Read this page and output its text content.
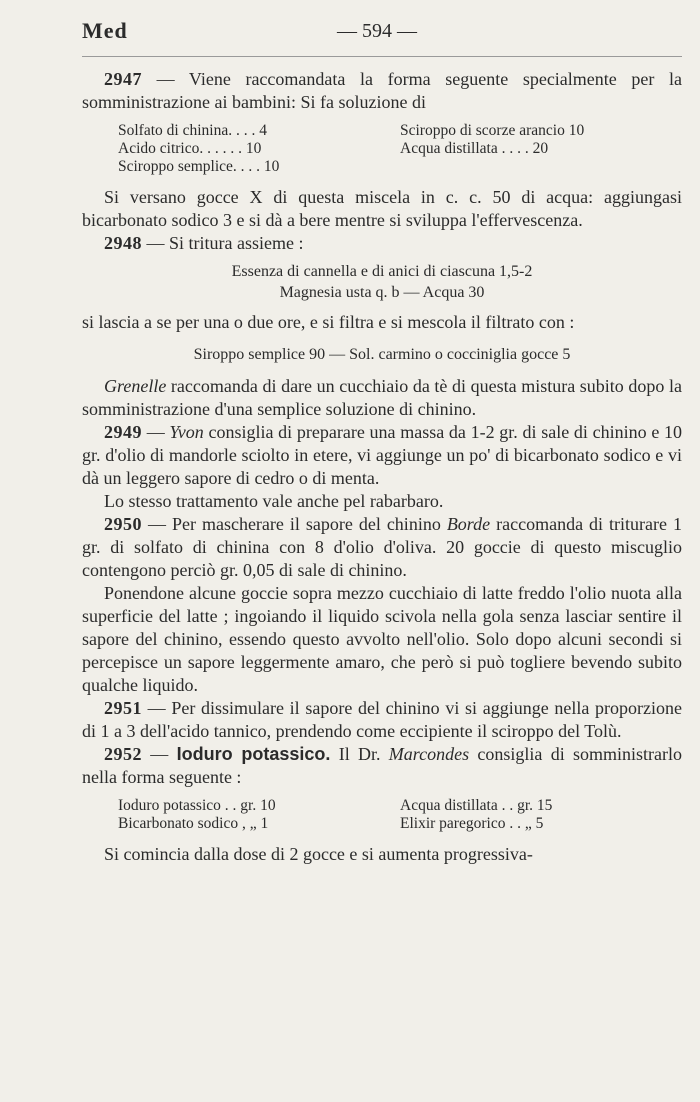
Med	— 594 —

2947 — Viene raccomandata la forma seguente specialmente per la somministrazione ai bambini: Si fa soluzione di

Solfato di chinina. . . . 4	Sciroppo di scorze arancio 10
Acido citrico. . . . . . 10	Acqua distillata . . . . 20
Sciroppo semplice. . . . 10

Si versano gocce X di questa miscela in c. c. 50 di acqua: aggiungasi bicarbonato sodico 3 e si dà a bere mentre si sviluppa l'effervescenza.

2948 — Si tritura assieme :

Essenza di cannella e di anici di ciascuna 1,5-2

Magnesia usta q. b — Acqua 30

si lascia a se per una o due ore, e si filtra e si mescola il filtrato con :

Siroppo semplice 90 — Sol. carmino o cocciniglia gocce 5

Grenelle raccomanda di dare un cucchiaio da tè di questa mistura subito dopo la somministrazione d'una semplice soluzione di chinino.

2949 — Yvon consiglia di preparare una massa da 1-2 gr. di sale di chinino e 10 gr. d'olio di mandorle sciolto in etere, vi aggiunge un po' di bicarbonato sodico e vi dà un leggero sapore di cedro o di menta.

Lo stesso trattamento vale anche pel rabarbaro.

2950 — Per mascherare il sapore del chinino Borde raccomanda di triturare 1 gr. di solfato di chinina con 8 d'olio d'oliva. 20 goccie di questo miscuglio contengono perciò gr. 0,05 di sale di chinino.

Ponendone alcune goccie sopra mezzo cucchiaio di latte freddo l'olio nuota alla superficie del latte ; ingoiando il liquido scivola nella gola senza lasciar sentire il sapore del chinino, essendo questo avvolto nell'olio. Solo dopo alcuni secondi si percepisce un sapore leggermente amaro, che però si può togliere bevendo subito qualche liquido.

2951 — Per dissimulare il sapore del chinino vi si aggiunge nella proporzione di 1 a 3 dell'acido tannico, prendendo come eccipiente il sciroppo del Tolù.

2952 — Ioduro potassico. Il Dr. Marcondes consiglia di somministrarlo nella forma seguente :

Ioduro potassico . . gr. 10	Acqua distillata . . gr. 15
Bicarbonato sodico , „ 1	Elixir paregorico . . „ 5

Si comincia dalla dose di 2 gocce e si aumenta progressiva-
